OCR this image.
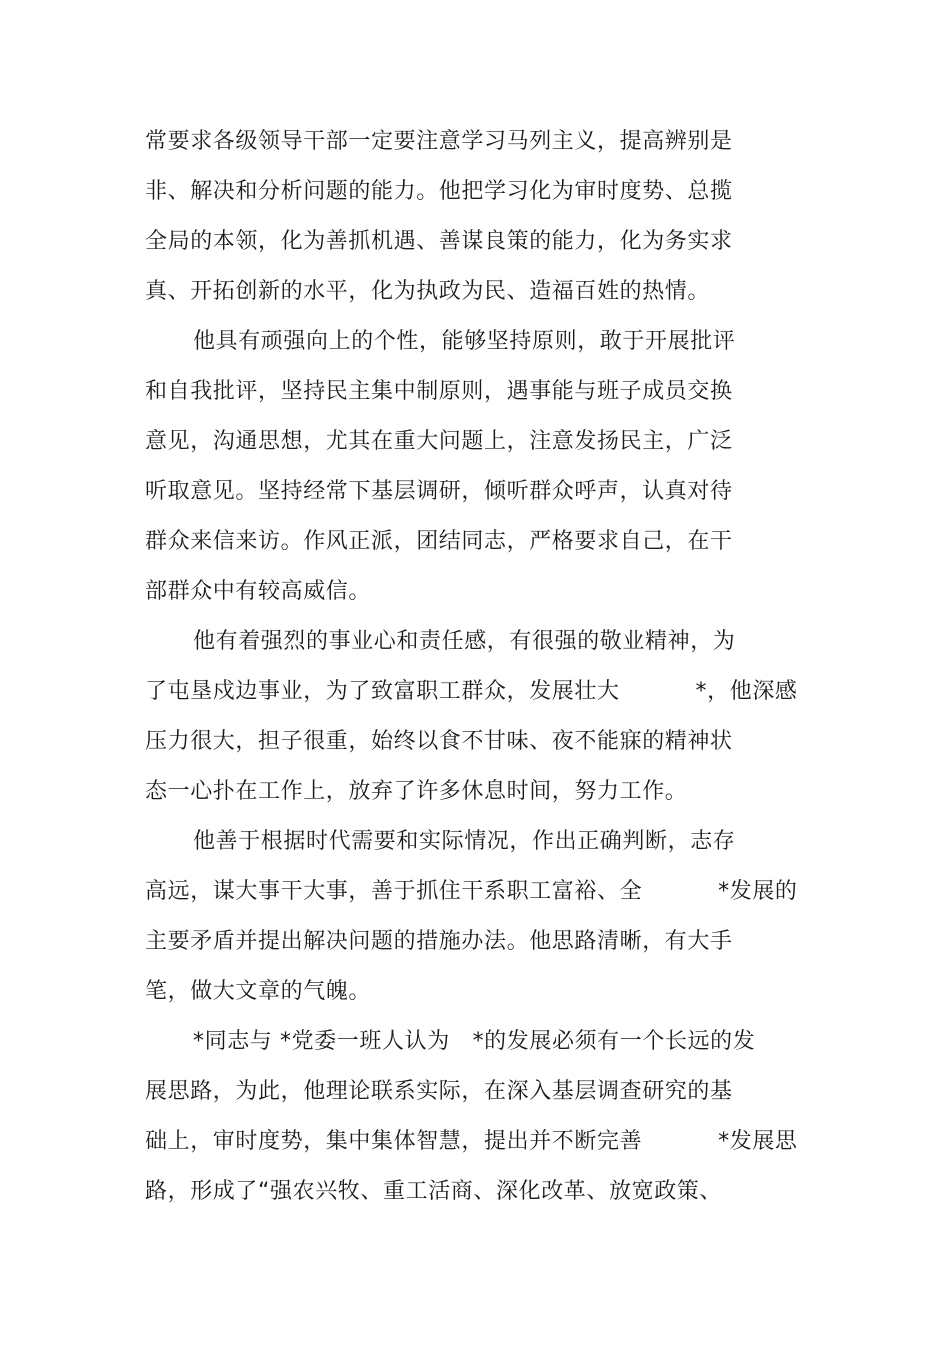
常要求各级领导干部一定要注意学习马列主义，提高辨别是
非、解决和分析问题的能力。他把学习化为审时度势、总揽
全局的本领，化为善抓机遇、善谋良策的能力，化为务实求
真、开拓创新的水平，化为执政为民、造福百姓的热情。
他具有顽强向上的个性，能够坚持原则，敢于开展批评
和自我批评，坚持民主集中制原则，遇事能与班子成员交换
意见，沟通思想，尤其在重大问题上，注意发扬民主，广泛
听取意见。坚持经常下基层调研，倾听群众呼声，认真对待
群众来信来访。作风正派，团结同志，严格要求自己，在干
部群众中有较高威信。
他有着强烈的事业心和责任感，有很强的敬业精神，为
了屯垦戍边事业，为了致富职工群众，发展壮大          *，他深感
压力很大，担子很重，始终以食不甘味、夜不能寐的精神状
态一心扑在工作上，放弃了许多休息时间，努力工作。
他善于根据时代需要和实际情况，作出正确判断，志存
高远，谋大事干大事，善于抓住干系职工富裕、全          *发展的
主要矛盾并提出解决问题的措施办法。他思路清晰，有大手
笔，做大文章的气魄。
*同志与 *党委一班人认为   *的发展必须有一个长远的发
展思路，为此，他理论联系实际，在深入基层调查研究的基
础上，审时度势，集中集体智慧，提出并不断完善          *发展思
路，形成了“强农兴牧、重工活商、深化改革、放宽政策、
